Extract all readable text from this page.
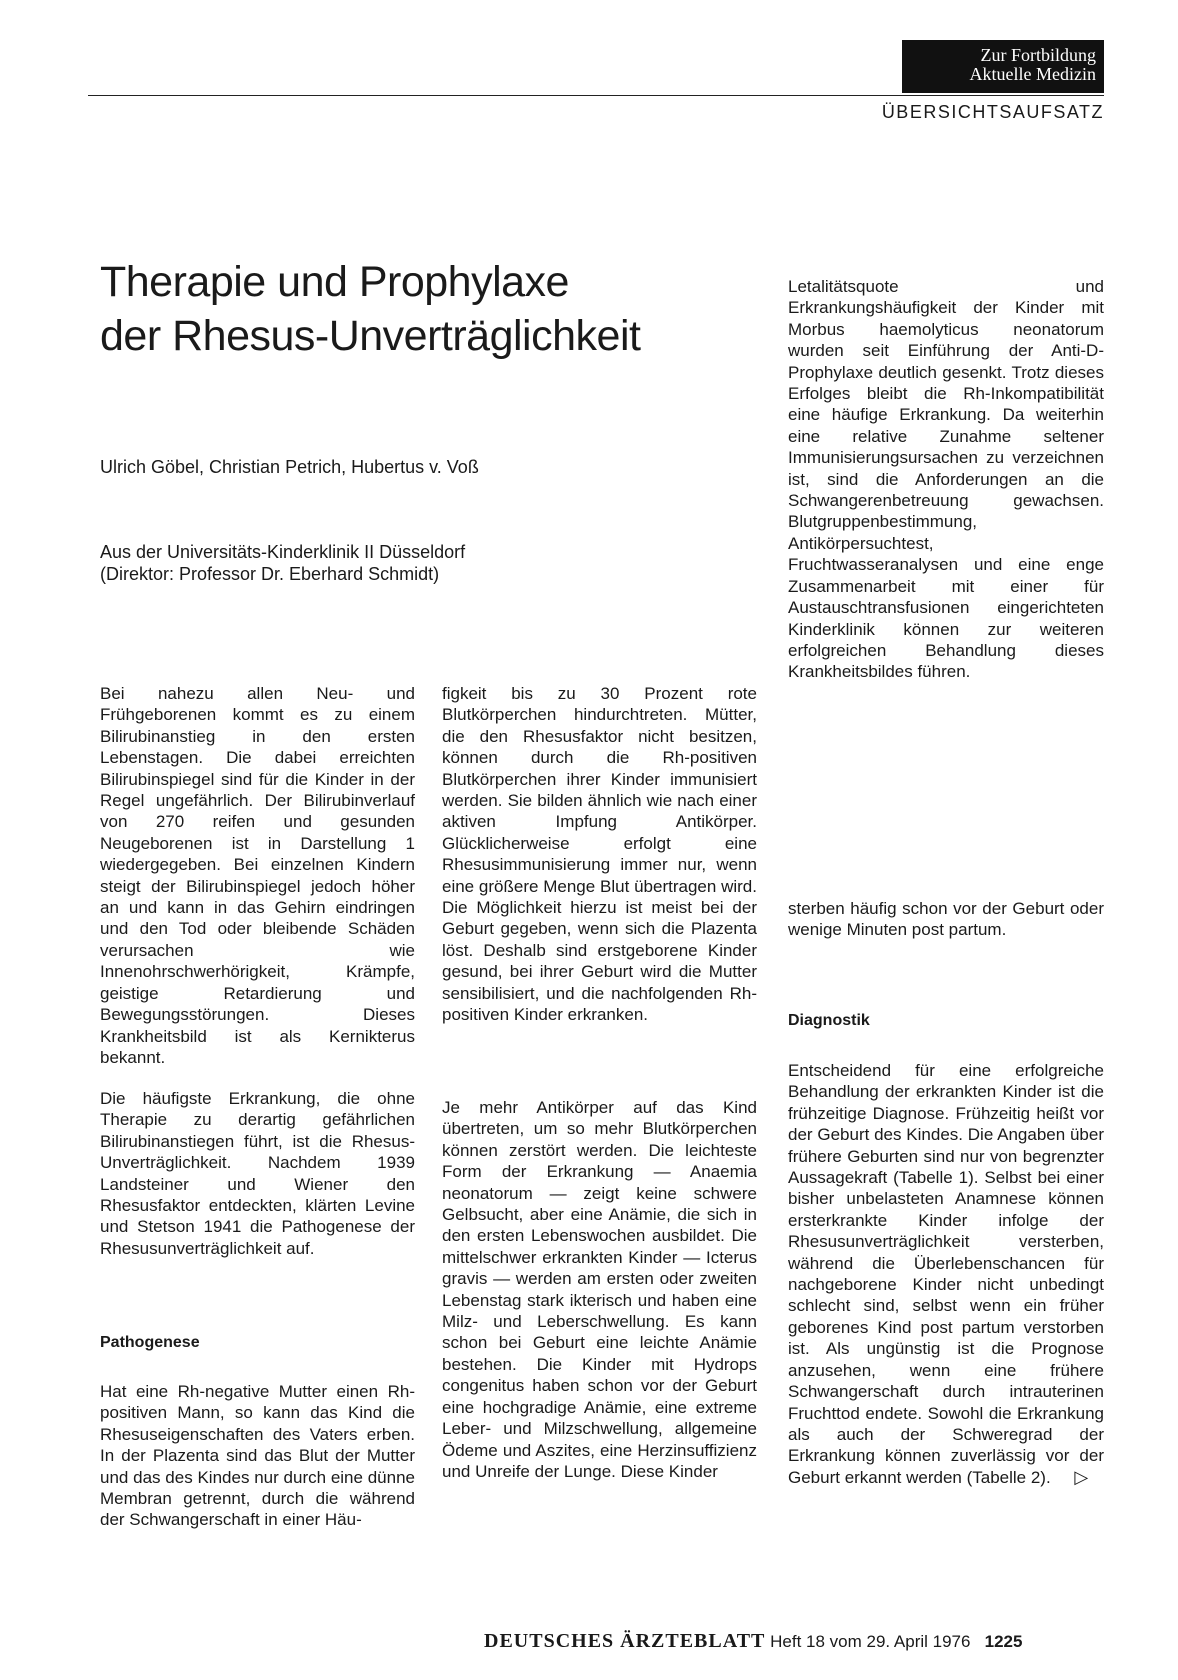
Zur Fortbildung
Aktuelle Medizin
ÜBERSICHTSAUFSATZ
Therapie und Prophylaxe
der Rhesus-Unverträglichkeit
Ulrich Göbel, Christian Petrich, Hubertus v. Voß
Aus der Universitäts-Kinderklinik II Düsseldorf
(Direktor: Professor Dr. Eberhard Schmidt)

Letalitätsquote und Erkrankungshäufigkeit der Kinder mit Morbus haemolyticus neonatorum wurden seit Einführung der Anti-D-Prophylaxe deutlich gesenkt. Trotz dieses Erfolges bleibt die Rh-Inkompatibilität eine häufige Erkrankung. Da weiterhin eine relative Zunahme seltener Immunisierungsursachen zu verzeichnen ist, sind die Anforderungen an die Schwangerenbetreuung gewachsen. Blutgruppenbestimmung, Antikörpersuchtest, Fruchtwasseranalysen und eine enge Zusammenarbeit mit einer für Austauschtransfusionen eingerichteten Kinderklinik können zur weiteren erfolgreichen Behandlung dieses Krankheitsbildes führen.

Bei nahezu allen Neu- und Frühgeborenen kommt es zu einem Bilirubinanstieg in den ersten Lebenstagen. Die dabei erreichten Bilirubinspiegel sind für die Kinder in der Regel ungefährlich. Der Bilirubinverlauf von 270 reifen und gesunden Neugeborenen ist in Darstellung 1 wiedergegeben. Bei einzelnen Kindern steigt der Bilirubinspiegel jedoch höher an und kann in das Gehirn eindringen und den Tod oder bleibende Schäden verursachen wie Innenohrschwerhörigkeit, Krämpfe, geistige Retardierung und Bewegungsstörungen. Dieses Krankheitsbild ist als Kernikterus bekannt.

Die häufigste Erkrankung, die ohne Therapie zu derartig gefährlichen Bilirubinanstiegen führt, ist die Rhesus-Unverträglichkeit. Nachdem 1939 Landsteiner und Wiener den Rhesusfaktor entdeckten, klärten Levine und Stetson 1941 die Pathogenese der Rhesusunverträglichkeit auf.

Pathogenese

Hat eine Rh-negative Mutter einen Rh-positiven Mann, so kann das Kind die Rhesuseigenschaften des Vaters erben. In der Plazenta sind das Blut der Mutter und das des Kindes nur durch eine dünne Membran getrennt, durch die während der Schwangerschaft in einer Häu-

figkeit bis zu 30 Prozent rote Blutkörperchen hindurchtreten. Mütter, die den Rhesusfaktor nicht besitzen, können durch die Rh-positiven Blutkörperchen ihrer Kinder immunisiert werden. Sie bilden ähnlich wie nach einer aktiven Impfung Antikörper. Glücklicherweise erfolgt eine Rhesusimmunisierung immer nur, wenn eine größere Menge Blut übertragen wird. Die Möglichkeit hierzu ist meist bei der Geburt gegeben, wenn sich die Plazenta löst. Deshalb sind erstgeborene Kinder gesund, bei ihrer Geburt wird die Mutter sensibilisiert, und die nachfolgenden Rh-positiven Kinder erkranken.

Je mehr Antikörper auf das Kind übertreten, um so mehr Blutkörperchen können zerstört werden. Die leichteste Form der Erkrankung — Anaemia neonatorum — zeigt keine schwere Gelbsucht, aber eine Anämie, die sich in den ersten Lebenswochen ausbildet. Die mittelschwer erkrankten Kinder — Icterus gravis — werden am ersten oder zweiten Lebenstag stark ikterisch und haben eine Milz- und Leberschwellung. Es kann schon bei Geburt eine leichte Anämie bestehen. Die Kinder mit Hydrops congenitus haben schon vor der Geburt eine hochgradige Anämie, eine extreme Leber- und Milzschwellung, allgemeine Ödeme und Aszites, eine Herzinsuffizienz und Unreife der Lunge. Diese Kinder

sterben häufig schon vor der Geburt oder wenige Minuten post partum.

Diagnostik

Entscheidend für eine erfolgreiche Behandlung der erkrankten Kinder ist die frühzeitige Diagnose. Frühzeitig heißt vor der Geburt des Kindes. Die Angaben über frühere Geburten sind nur von begrenzter Aussagekraft (Tabelle 1). Selbst bei einer bisher unbelasteten Anamnese können ersterkrankte Kinder infolge der Rhesusunverträglichkeit versterben, während die Überlebenschancen für nachgeborene Kinder nicht unbedingt schlecht sind, selbst wenn ein früher geborenes Kind post partum verstorben ist. Als ungünstig ist die Prognose anzusehen, wenn eine frühere Schwangerschaft durch intrauterinen Fruchttod endete. Sowohl die Erkrankung als auch der Schweregrad der Erkrankung können zuverlässig vor der Geburt erkannt werden (Tabelle 2). ▷

DEUTSCHES ÄRZTEBLATT Heft 18 vom 29. April 1976 1225
